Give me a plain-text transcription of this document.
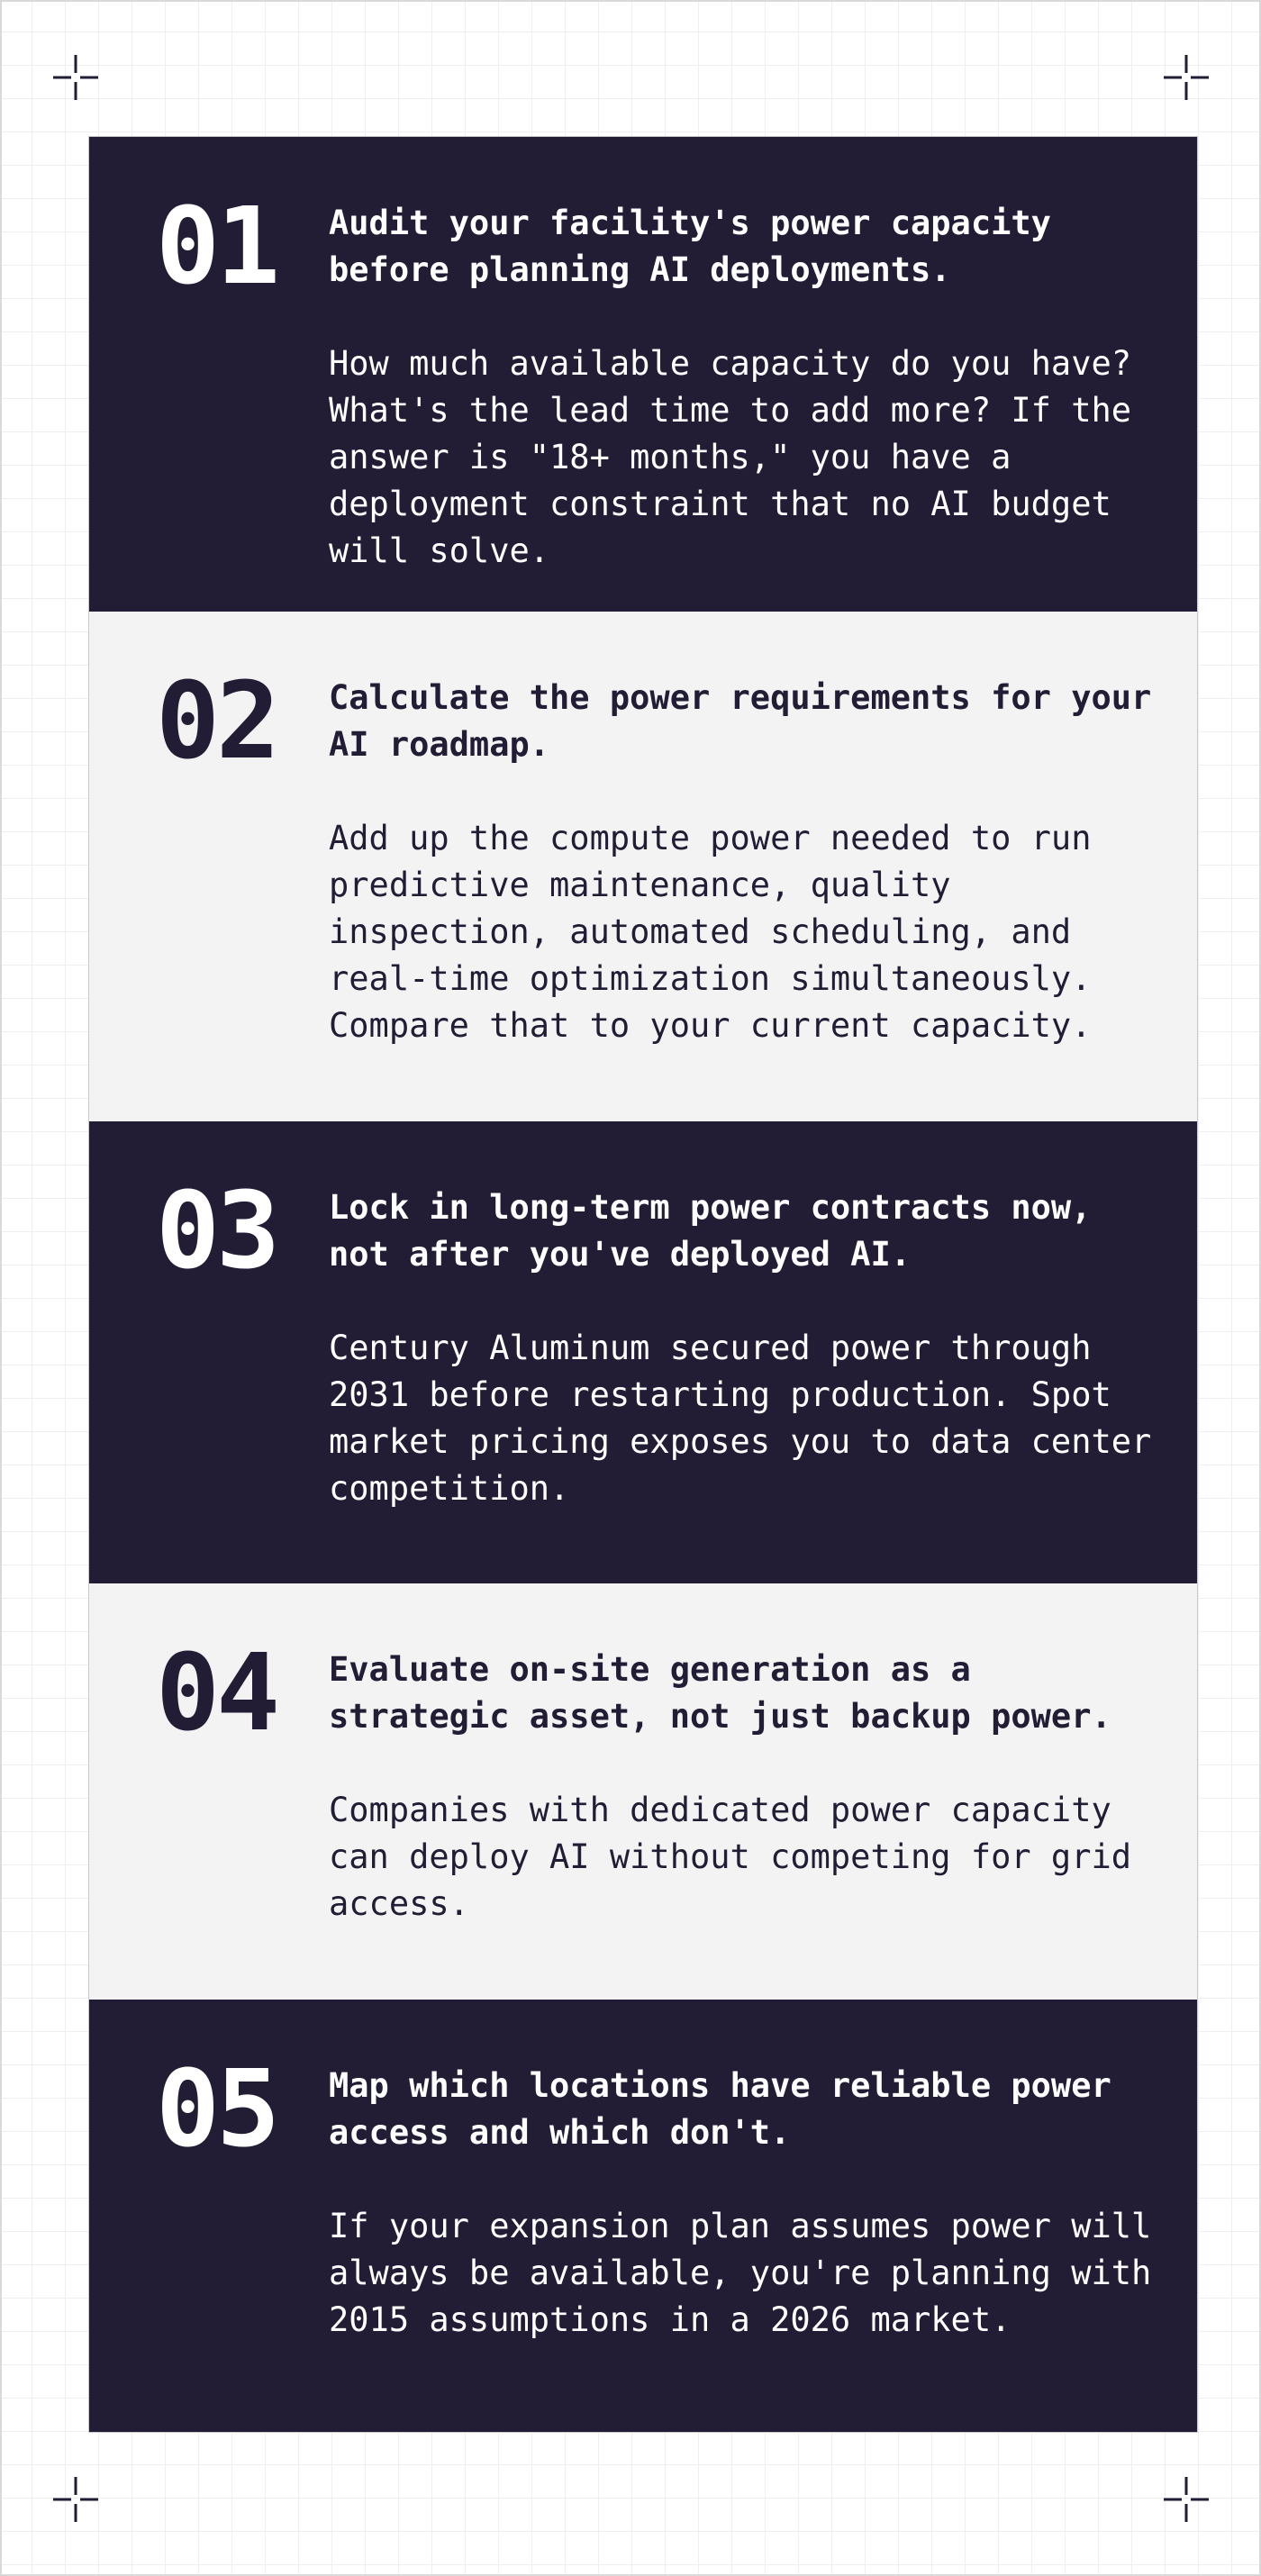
01 Audit your facility's power capacity before planning AI deployments.

How much available capacity do you have? What's the lead time to add more? If the answer is "18+ months," you have a deployment constraint that no AI budget will solve.

02 Calculate the power requirements for your AI roadmap.

Add up the compute power needed to run predictive maintenance, quality inspection, automated scheduling, and real-time optimization simultaneously. Compare that to your current capacity.

03 Lock in long-term power contracts now, not after you've deployed AI.

Century Aluminum secured power through 2031 before restarting production. Spot market pricing exposes you to data center competition.

04 Evaluate on-site generation as a strategic asset, not just backup power.

Companies with dedicated power capacity can deploy AI without competing for grid access.

05 Map which locations have reliable power access and which don't.

If your expansion plan assumes power will always be available, you're planning with 2015 assumptions in a 2026 market.
